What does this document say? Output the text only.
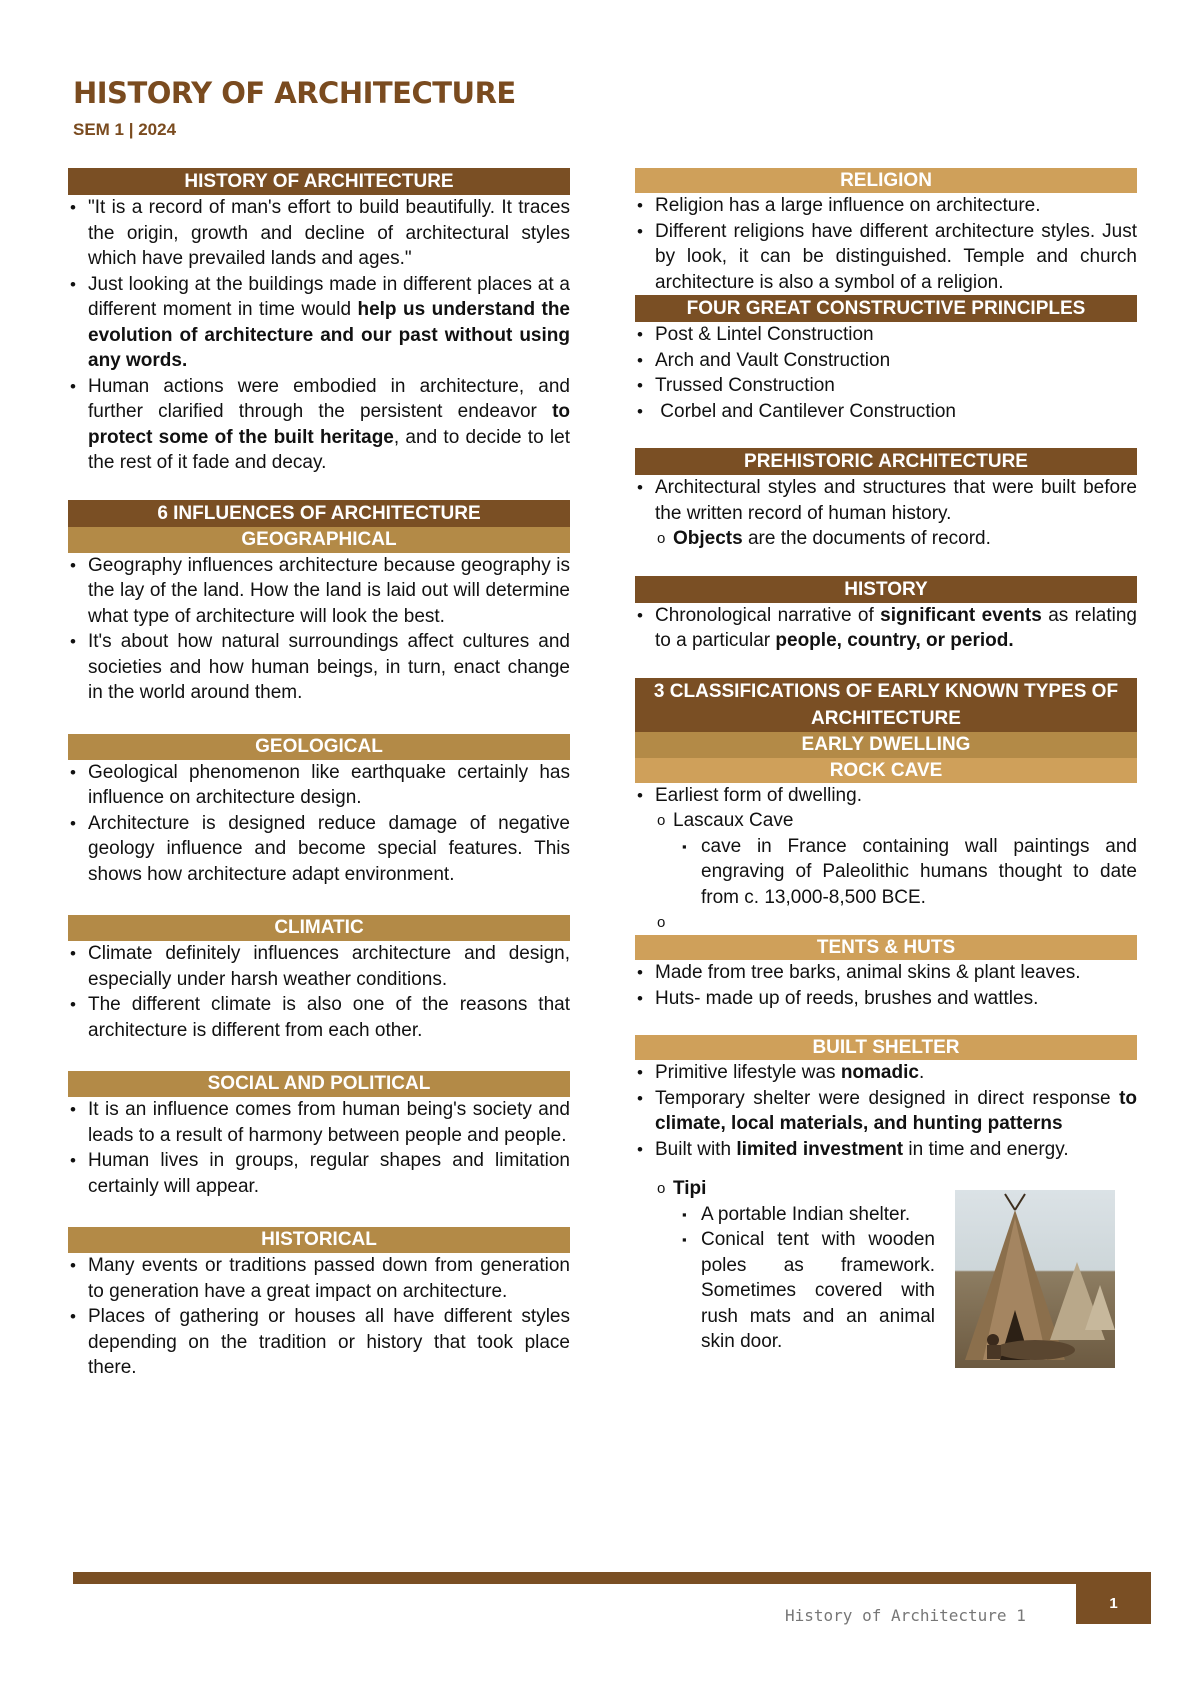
HISTORY OF ARCHITECTURE

SEM 1 | 2024

HISTORY OF ARCHITECTURE
• "It is a record of man's effort to build beautifully. It traces the origin, growth and decline of architectural styles which have prevailed lands and ages."
• Just looking at the buildings made in different places at a different moment in time would help us understand the evolution of architecture and our past without using any words.
• Human actions were embodied in architecture, and further clarified through the persistent endeavor to protect some of the built heritage, and to decide to let the rest of it fade and decay.
6 INFLUENCES OF ARCHITECTURE
GEOGRAPHICAL
• Geography influences architecture because geography is the lay of the land. How the land is laid out will determine what type of architecture will look the best.
• It's about how natural surroundings affect cultures and societies and how human beings, in turn, enact change in the world around them.
GEOLOGICAL
• Geological phenomenon like earthquake certainly has influence on architecture design.
• Architecture is designed reduce damage of negative geology influence and become special features. This shows how architecture adapt environment.
CLIMATIC
• Climate definitely influences architecture and design, especially under harsh weather conditions.
• The different climate is also one of the reasons that architecture is different from each other.
SOCIAL AND POLITICAL
• It is an influence comes from human being's society and leads to a result of harmony between people and people.
• Human lives in groups, regular shapes and limitation certainly will appear.
HISTORICAL
• Many events or traditions passed down from generation to generation have a great impact on architecture.
• Places of gathering or houses all have different styles depending on the tradition or history that took place there.
RELIGION
• Religion has a large influence on architecture.
• Different religions have different architecture styles. Just by look, it can be distinguished. Temple and church architecture is also a symbol of a religion.
FOUR GREAT CONSTRUCTIVE PRINCIPLES
• Post & Lintel Construction
• Arch and Vault Construction
• Trussed Construction
•  Corbel and Cantilever Construction
PREHISTORIC ARCHITECTURE
• Architectural styles and structures that were built before the written record of human history.
o Objects are the documents of record.
HISTORY
• Chronological narrative of significant events as relating to a particular people, country, or period.
3 CLASSIFICATIONS OF EARLY KNOWN TYPES OF ARCHITECTURE
EARLY DWELLING
ROCK CAVE
• Earliest form of dwelling.
o Lascaux Cave
▪ cave in France containing wall paintings and engraving of Paleolithic humans thought to date from c. 13,000-8,500 BCE.
TENTS & HUTS
• Made from tree barks, animal skins & plant leaves.
• Huts- made up of reeds, brushes and wattles.
BUILT SHELTER
• Primitive lifestyle was nomadic.
• Temporary shelter were designed in direct response to climate, local materials, and hunting patterns
• Built with limited investment in time and energy.
o Tipi
▪ A portable Indian shelter.
▪ Conical tent with wooden poles as framework. Sometimes covered with rush mats and an animal skin door.
1
History of Architecture 1
